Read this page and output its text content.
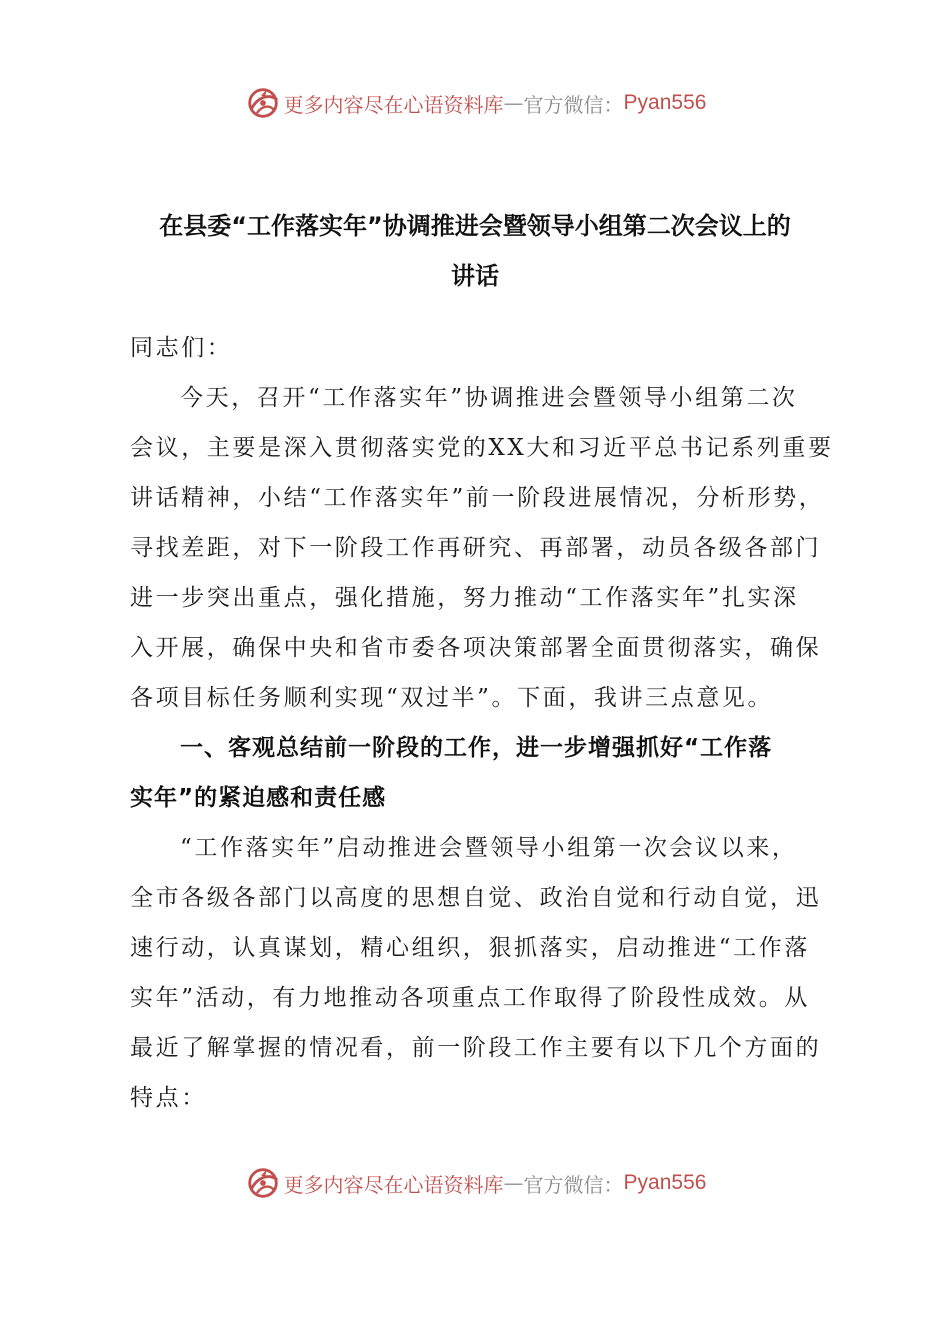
更多内容尽在心语资料库 — 官方微信： Pyan556
在县委“工作落实年”协调推进会暨领导小组第二次会议上的
讲话
同志们：
今天，召开“工作落实年”协调推进会暨领导小组第二次
会议，主要是深入贯彻落实党的XX大和习近平总书记系列重要
讲话精神，小结“工作落实年”前一阶段进展情况，分析形势，
寻找差距，对下一阶段工作再研究、再部署，动员各级各部门
进一步突出重点，强化措施，努力推动“工作落实年”扎实深
入开展，确保中央和省市委各项决策部署全面贯彻落实，确保
各项目标任务顺利实现“双过半”。下面，我讲三点意见。
一、客观总结前一阶段的工作，进一步增强抓好“工作落
实年”的紧迫感和责任感
“工作落实年”启动推进会暨领导小组第一次会议以来，
全市各级各部门以高度的思想自觉、政治自觉和行动自觉，迅
速行动，认真谋划，精心组织，狠抓落实，启动推进“工作落
实年”活动，有力地推动各项重点工作取得了阶段性成效。从
最近了解掌握的情况看，前一阶段工作主要有以下几个方面的
特点：
更多内容尽在心语资料库 — 官方微信： Pyan556
